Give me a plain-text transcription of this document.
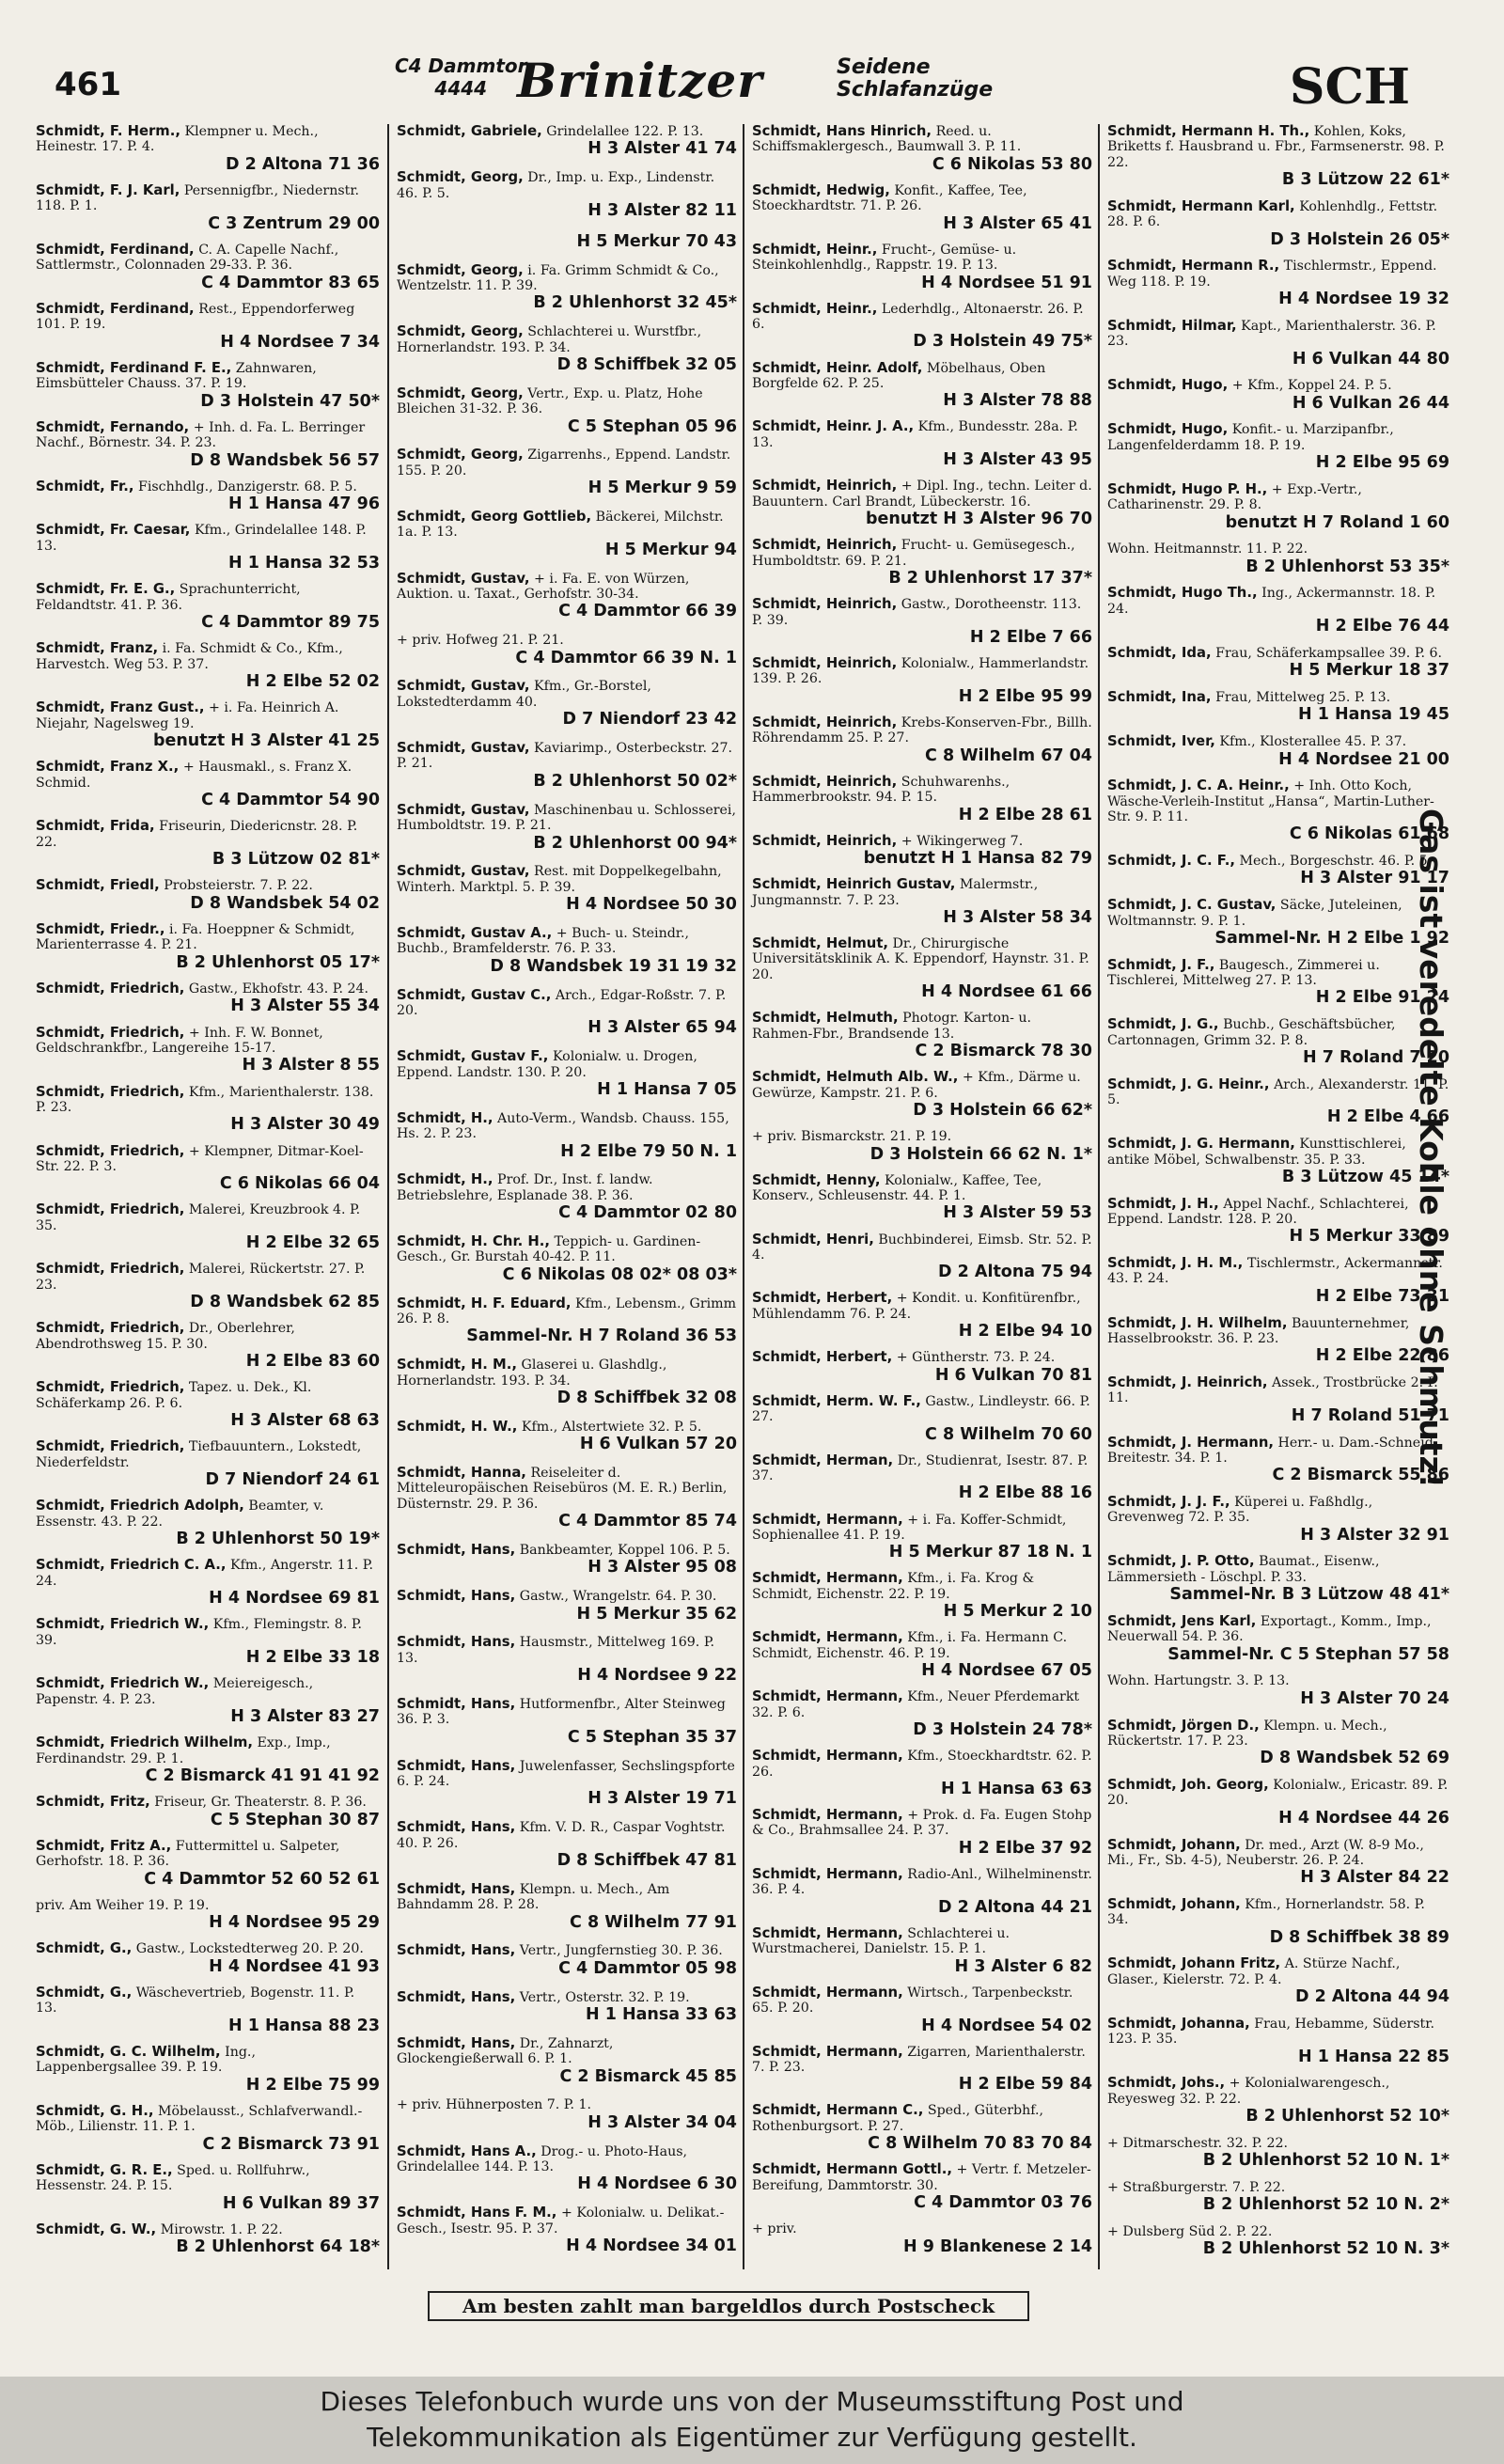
461	C4 Dammtor
4444 Brinitzer	Seidene
Schlafanzüge	SCH
Schmidt, F. Herm., Klempner u. Mech., Heinestr. 17. P. 4.
D 2 Altona 71 36
Schmidt, F. J. Karl, Persennigfbr., Niedernstr. 118. P. 1.
C 3 Zentrum 29 00
Schmidt, Ferdinand, C. A. Capelle Nachf., Sattlermstr., Colonnaden 29-33. P. 36.
C 4 Dammtor 83 65
Schmidt, Ferdinand, Rest., Eppendorferweg 101. P. 19.
H 4 Nordsee 7 34
Schmidt, Ferdinand F. E., Zahnwaren, Eimsbütteler Chauss. 37. P. 19.
D 3 Holstein 47 50*
Schmidt, Fernando, + Inh. d. Fa. L. Berringer Nachf., Börnestr. 34. P. 23.
D 8 Wandsbek 56 57
Schmidt, Fr., Fischhdlg., Danzigerstr. 68. P. 5.
H 1 Hansa 47 96
Schmidt, Fr. Caesar, Kfm., Grindelallee 148. P. 13.
H 1 Hansa 32 53
Schmidt, Fr. E. G., Sprachunterricht, Feldandtstr. 41. P. 36.
C 4 Dammtor 89 75
Schmidt, Franz, i. Fa. Schmidt & Co., Kfm., Harvestch. Weg 53. P. 37.
H 2 Elbe 52 02
Schmidt, Franz Gust., + i. Fa. Heinrich A. Niejahr, Nagelsweg 19.
benutzt H 3 Alster 41 25
Schmidt, Franz X., + Hausmakl., s. Franz X. Schmid.
C 4 Dammtor 54 90
Schmidt, Frida, Friseurin, Diedericnstr. 28. P. 22.
B 3 Lützow 02 81*
Schmidt, Friedl, Probsteierstr. 7. P. 22.
D 8 Wandsbek 54 02
Schmidt, Friedr., i. Fa. Hoeppner & Schmidt, Marienterrasse 4. P. 21.
B 2 Uhlenhorst 05 17*
Schmidt, Friedrich, Gastw., Ekhofstr. 43. P. 24.
H 3 Alster 55 34
Schmidt, Friedrich, + Inh. F. W. Bonnet, Geldschrankfbr., Langereihe 15-17.
H 3 Alster 8 55
Schmidt, Friedrich, Kfm., Marienthalerstr. 138. P. 23.
H 3 Alster 30 49
Schmidt, Friedrich, + Klempner, Ditmar-Koel-Str. 22. P. 3.
C 6 Nikolas 66 04
Schmidt, Friedrich, Malerei, Kreuzbrook 4. P. 35.
H 2 Elbe 32 65
Schmidt, Friedrich, Malerei, Rückertstr. 27. P. 23.
D 8 Wandsbek 62 85
Schmidt, Friedrich, Dr., Oberlehrer, Abendrothsweg 15. P. 30.
H 2 Elbe 83 60
Schmidt, Friedrich, Tapez. u. Dek., Kl. Schäferkamp 26. P. 6.
H 3 Alster 68 63
Schmidt, Friedrich, Tiefbauuntern., Lokstedt, Niederfeldstr.
D 7 Niendorf 24 61
Schmidt, Friedrich Adolph, Beamter, v. Essenstr. 43. P. 22.
B 2 Uhlenhorst 50 19*
Schmidt, Friedrich C. A., Kfm., Angerstr. 11. P. 24.
H 4 Nordsee 69 81
Schmidt, Friedrich W., Kfm., Flemingstr. 8. P. 39.
H 2 Elbe 33 18
Schmidt, Friedrich W., Meiereigesch., Papenstr. 4. P. 23.
H 3 Alster 83 27
Schmidt, Friedrich Wilhelm, Exp., Imp., Ferdinandstr. 29. P. 1.
C 2 Bismarck 41 91 41 92
Schmidt, Fritz, Friseur, Gr. Theaterstr. 8. P. 36.
C 5 Stephan 30 87
Schmidt, Fritz A., Futtermittel u. Salpeter, Gerhofstr. 18. P. 36.
C 4 Dammtor 52 60 52 61
priv. Am Weiher 19. P. 19.
H 4 Nordsee 95 29
Schmidt, G., Gastw., Lockstedterweg 20. P. 20.
H 4 Nordsee 41 93
Schmidt, G., Wäschevertrieb, Bogenstr. 11. P. 13.
H 1 Hansa 88 23
Schmidt, G. C. Wilhelm, Ing., Lappenbergsallee 39. P. 19.
H 2 Elbe 75 99
Schmidt, G. H., Möbelausst., Schlafverwandl.-Möb., Lilienstr. 11. P. 1.
C 2 Bismarck 73 91
Schmidt, G. R. E., Sped. u. Rollfuhrw., Hessenstr. 24. P. 15.
H 6 Vulkan 89 37
Schmidt, G. W., Mirowstr. 1. P. 22.
B 2 Uhlenhorst 64 18*
Schmidt, Gabriele, Grindelallee 122. P. 13.
H 3 Alster 41 74
Schmidt, Georg, Dr., Imp. u. Exp., Lindenstr. 46. P. 5.
H 3 Alster 82 11
H 5 Merkur 70 43
Schmidt, Georg, i. Fa. Grimm Schmidt & Co., Wentzelstr. 11. P. 39.
B 2 Uhlenhorst 32 45*
Schmidt, Georg, Schlachterei u. Wurstfbr., Hornerlandstr. 193. P. 34.
D 8 Schiffbek 32 05
Schmidt, Georg, Vertr., Exp. u. Platz, Hohe Bleichen 31-32. P. 36.
C 5 Stephan 05 96
Schmidt, Georg, Zigarrenhs., Eppend. Landstr. 155. P. 20.
H 5 Merkur 9 59
Schmidt, Georg Gottlieb, Bäckerei, Milchstr. 1a. P. 13.
H 5 Merkur 94
Schmidt, Gustav, + i. Fa. E. von Würzen, Auktion. u. Taxat., Gerhofstr. 30-34.
C 4 Dammtor 66 39
+ priv. Hofweg 21. P. 21.
C 4 Dammtor 66 39 N. 1
Schmidt, Gustav, Kfm., Gr.-Borstel, Lokstedterdamm 40.
D 7 Niendorf 23 42
Schmidt, Gustav, Kaviarimp., Osterbeckstr. 27. P. 21.
B 2 Uhlenhorst 50 02*
Schmidt, Gustav, Maschinenbau u. Schlosserei, Humboldtstr. 19. P. 21.
B 2 Uhlenhorst 00 94*
Schmidt, Gustav, Rest. mit Doppelkegelbahn, Winterh. Marktpl. 5. P. 39.
H 4 Nordsee 50 30
Schmidt, Gustav A., + Buch- u. Steindr., Buchb., Bramfelderstr. 76. P. 33.
D 8 Wandsbek 19 31 19 32
Schmidt, Gustav C., Arch., Edgar-Roßstr. 7. P. 20.
H 3 Alster 65 94
Schmidt, Gustav F., Kolonialw. u. Drogen, Eppend. Landstr. 130. P. 20.
H 1 Hansa 7 05
Schmidt, H., Auto-Verm., Wandsb. Chauss. 155, Hs. 2. P. 23.
H 2 Elbe 79 50 N. 1
Schmidt, H., Prof. Dr., Inst. f. landw. Betriebslehre, Esplanade 38. P. 36.
C 4 Dammtor 02 80
Schmidt, H. Chr. H., Teppich- u. Gardinen-Gesch., Gr. Burstah 40-42. P. 11.
C 6 Nikolas 08 02* 08 03*
Schmidt, H. F. Eduard, Kfm., Lebensm., Grimm 26. P. 8.
Sammel-Nr. H 7 Roland 36 53
Schmidt, H. M., Glaserei u. Glashdlg., Hornerlandstr. 193. P. 34.
D 8 Schiffbek 32 08
Schmidt, H. W., Kfm., Alstertwiete 32. P. 5.
H 6 Vulkan 57 20
Schmidt, Hanna, Reiseleiter d. Mitteleuropäischen Reisebüros (M. E. R.) Berlin, Düsternstr. 29. P. 36.
C 4 Dammtor 85 74
Schmidt, Hans, Bankbeamter, Koppel 106. P. 5.
H 3 Alster 95 08
Schmidt, Hans, Gastw., Wrangelstr. 64. P. 30.
H 5 Merkur 35 62
Schmidt, Hans, Hausmstr., Mittelweg 169. P. 13.
H 4 Nordsee 9 22
Schmidt, Hans, Hutformenfbr., Alter Steinweg 36. P. 3.
C 5 Stephan 35 37
Schmidt, Hans, Juwelenfasser, Sechslingspforte 6. P. 24.
H 3 Alster 19 71
Schmidt, Hans, Kfm. V. D. R., Caspar Voghtstr. 40. P. 26.
D 8 Schiffbek 47 81
Schmidt, Hans, Klempn. u. Mech., Am Bahndamm 28. P. 28.
C 8 Wilhelm 77 91
Schmidt, Hans, Vertr., Jungfernstieg 30. P. 36.
C 4 Dammtor 05 98
Schmidt, Hans, Vertr., Osterstr. 32. P. 19.
H 1 Hansa 33 63
Schmidt, Hans, Dr., Zahnarzt, Glockengießerwall 6. P. 1.
C 2 Bismarck 45 85
+ priv. Hühnerposten 7. P. 1.
H 3 Alster 34 04
Schmidt, Hans A., Drog.- u. Photo-Haus, Grindelallee 144. P. 13.
H 4 Nordsee 6 30
Schmidt, Hans F. M., + Kolonialw. u. Delikat.-Gesch., Isestr. 95. P. 37.
H 4 Nordsee 34 01
Schmidt, Hans Hinrich, Reed. u. Schiffsmaklergesch., Baumwall 3. P. 11.
C 6 Nikolas 53 80
Schmidt, Hedwig, Konfit., Kaffee, Tee, Stoeckhardtstr. 71. P. 26.
H 3 Alster 65 41
Schmidt, Heinr., Frucht-, Gemüse- u. Steinkohlenhdlg., Rappstr. 19. P. 13.
H 4 Nordsee 51 91
Schmidt, Heinr., Lederhdlg., Altonaerstr. 26. P. 6.
D 3 Holstein 49 75*
Schmidt, Heinr. Adolf, Möbelhaus, Oben Borgfelde 62. P. 25.
H 3 Alster 78 88
Schmidt, Heinr. J. A., Kfm., Bundesstr. 28a. P. 13.
H 3 Alster 43 95
Schmidt, Heinrich, + Dipl. Ing., techn. Leiter d. Bauuntern. Carl Brandt, Lübeckerstr. 16.
benutzt H 3 Alster 96 70
Schmidt, Heinrich, Frucht- u. Gemüsegesch., Humboldtstr. 69. P. 21.
B 2 Uhlenhorst 17 37*
Schmidt, Heinrich, Gastw., Dorotheenstr. 113. P. 39.
H 2 Elbe 7 66
Schmidt, Heinrich, Kolonialw., Hammerlandstr. 139. P. 26.
H 2 Elbe 95 99
Schmidt, Heinrich, Krebs-Konserven-Fbr., Billh. Röhrendamm 25. P. 27.
C 8 Wilhelm 67 04
Schmidt, Heinrich, Schuhwarenhs., Hammerbrookstr. 94. P. 15.
H 2 Elbe 28 61
Schmidt, Heinrich, + Wikingerweg 7.
benutzt H 1 Hansa 82 79
Schmidt, Heinrich Gustav, Malermstr., Jungmannstr. 7. P. 23.
H 3 Alster 58 34
Schmidt, Helmut, Dr., Chirurgische Universitätsklinik A. K. Eppendorf, Haynstr. 31. P. 20.
H 4 Nordsee 61 66
Schmidt, Helmuth, Photogr. Karton- u. Rahmen-Fbr., Brandsende 13.
C 2 Bismarck 78 30
Schmidt, Helmuth Alb. W., + Kfm., Därme u. Gewürze, Kampstr. 21. P. 6.
D 3 Holstein 66 62*
+ priv. Bismarckstr. 21. P. 19.
D 3 Holstein 66 62 N. 1*
Schmidt, Henny, Kolonialw., Kaffee, Tee, Konserv., Schleusenstr. 44. P. 1.
H 3 Alster 59 53
Schmidt, Henri, Buchbinderei, Eimsb. Str. 52. P. 4.
D 2 Altona 75 94
Schmidt, Herbert, + Kondit. u. Konfitürenfbr., Mühlendamm 76. P. 24.
H 2 Elbe 94 10
Schmidt, Herbert, + Güntherstr. 73. P. 24.
H 6 Vulkan 70 81
Schmidt, Herm. W. F., Gastw., Lindleystr. 66. P. 27.
C 8 Wilhelm 70 60
Schmidt, Herman, Dr., Studienrat, Isestr. 87. P. 37.
H 2 Elbe 88 16
Schmidt, Hermann, + i. Fa. Koffer-Schmidt, Sophienallee 41. P. 19.
H 5 Merkur 87 18 N. 1
Schmidt, Hermann, Kfm., i. Fa. Krog & Schmidt, Eichenstr. 22. P. 19.
H 5 Merkur 2 10
Schmidt, Hermann, Kfm., i. Fa. Hermann C. Schmidt, Eichenstr. 46. P. 19.
H 4 Nordsee 67 05
Schmidt, Hermann, Kfm., Neuer Pferdemarkt 32. P. 6.
D 3 Holstein 24 78*
Schmidt, Hermann, Kfm., Stoeckhardtstr. 62. P. 26.
H 1 Hansa 63 63
Schmidt, Hermann, + Prok. d. Fa. Eugen Stohp & Co., Brahmsallee 24. P. 37.
H 2 Elbe 37 92
Schmidt, Hermann, Radio-Anl., Wilhelminenstr. 36. P. 4.
D 2 Altona 44 21
Schmidt, Hermann, Schlachterei u. Wurstmacherei, Danielstr. 15. P. 1.
H 3 Alster 6 82
Schmidt, Hermann, Wirtsch., Tarpenbeckstr. 65. P. 20.
H 4 Nordsee 54 02
Schmidt, Hermann, Zigarren, Marienthalerstr. 7. P. 23.
H 2 Elbe 59 84
Schmidt, Hermann C., Sped., Güterbhf., Rothenburgsort. P. 27.
C 8 Wilhelm 70 83 70 84
Schmidt, Hermann Gottl., + Vertr. f. Metzeler-Bereifung, Dammtorstr. 30.
C 4 Dammtor 03 76
+ priv.
H 9 Blankenese 2 14
Schmidt, Hermann H. Th., Kohlen, Koks, Briketts f. Hausbrand u. Fbr., Farmsenerstr. 98. P. 22.
B 3 Lützow 22 61*
Schmidt, Hermann Karl, Kohlenhdlg., Fettstr. 28. P. 6.
D 3 Holstein 26 05*
Schmidt, Hermann R., Tischlermstr., Eppend. Weg 118. P. 19.
H 4 Nordsee 19 32
Schmidt, Hilmar, Kapt., Marienthalerstr. 36. P. 23.
H 6 Vulkan 44 80
Schmidt, Hugo, + Kfm., Koppel 24. P. 5.
H 6 Vulkan 26 44
Schmidt, Hugo, Konfit.- u. Marzipanfbr., Langenfelderdamm 18. P. 19.
H 2 Elbe 95 69
Schmidt, Hugo P. H., + Exp.-Vertr., Catharinenstr. 29. P. 8.
benutzt H 7 Roland 1 60
Wohn. Heitmannstr. 11. P. 22.
B 2 Uhlenhorst 53 35*
Schmidt, Hugo Th., Ing., Ackermannstr. 18. P. 24.
H 2 Elbe 76 44
Schmidt, Ida, Frau, Schäferkampsallee 39. P. 6.
H 5 Merkur 18 37
Schmidt, Ina, Frau, Mittelweg 25. P. 13.
H 1 Hansa 19 45
Schmidt, Iver, Kfm., Klosterallee 45. P. 37.
H 4 Nordsee 21 00
Schmidt, J. C. A. Heinr., + Inh. Otto Koch, Wäsche-Verleih-Institut „Hansa“, Martin-Luther-Str. 9. P. 11.
C 6 Nikolas 61 68
Schmidt, J. C. F., Mech., Borgeschstr. 46. P. 5.
H 3 Alster 91 17
Schmidt, J. C. Gustav, Säcke, Juteleinen, Woltmannstr. 9. P. 1.
Sammel-Nr. H 2 Elbe 1 92
Schmidt, J. F., Baugesch., Zimmerei u. Tischlerei, Mittelweg 27. P. 13.
H 2 Elbe 91 24
Schmidt, J. G., Buchb., Geschäftsbücher, Cartonnagen, Grimm 32. P. 8.
H 7 Roland 7 20
Schmidt, J. G. Heinr., Arch., Alexanderstr. 11. P. 5.
H 2 Elbe 4 66
Schmidt, J. G. Hermann, Kunsttischlerei, antike Möbel, Schwalbenstr. 35. P. 33.
B 3 Lützow 45 14*
Schmidt, J. H., Appel Nachf., Schlachterei, Eppend. Landstr. 128. P. 20.
H 5 Merkur 33 89
Schmidt, J. H. M., Tischlermstr., Ackermannstr. 43. P. 24.
H 2 Elbe 73 31
Schmidt, J. H. Wilhelm, Bauunternehmer, Hasselbrookstr. 36. P. 23.
H 2 Elbe 22 86
Schmidt, J. Heinrich, Assek., Trostbrücke 2. P. 11.
H 7 Roland 51 71
Schmidt, J. Hermann, Herr.- u. Dam.-Schneid., Breitestr. 34. P. 1.
C 2 Bismarck 55 86
Schmidt, J. J. F., Küperei u. Faßhdlg., Grevenweg 72. P. 35.
H 3 Alster 32 91
Schmidt, J. P. Otto, Baumat., Eisenw., Lämmersieth - Löschpl. P. 33.
Sammel-Nr. B 3 Lützow 48 41*
Schmidt, Jens Karl, Exportagt., Komm., Imp., Neuerwall 54. P. 36.
Sammel-Nr. C 5 Stephan 57 58
Wohn. Hartungstr. 3. P. 13.
H 3 Alster 70 24
Schmidt, Jörgen D., Klempn. u. Mech., Rückertstr. 17. P. 23.
D 8 Wandsbek 52 69
Schmidt, Joh. Georg, Kolonialw., Ericastr. 89. P. 20.
H 4 Nordsee 44 26
Schmidt, Johann, Dr. med., Arzt (W. 8-9 Mo., Mi., Fr., Sb. 4-5), Neuberstr. 26. P. 24.
H 3 Alster 84 22
Schmidt, Johann, Kfm., Hornerlandstr. 58. P. 34.
D 8 Schiffbek 38 89
Schmidt, Johann Fritz, A. Stürze Nachf., Glaser., Kielerstr. 72. P. 4.
D 2 Altona 44 94
Schmidt, Johanna, Frau, Hebamme, Süderstr. 123. P. 35.
H 1 Hansa 22 85
Schmidt, Johs., + Kolonialwarengesch., Reyesweg 32. P. 22.
B 2 Uhlenhorst 52 10*
+ Ditmarschestr. 32. P. 22.
B 2 Uhlenhorst 52 10 N. 1*
+ Straßburgerstr. 7. P. 22.
B 2 Uhlenhorst 52 10 N. 2*
+ Dulsberg Süd 2. P. 22.
B 2 Uhlenhorst 52 10 N. 3*
Gas ist veredelte Kohle ohne Schmutz!
Am besten zahlt man bargeldlos durch Postscheck
Dieses Telefonbuch wurde uns von der Museumsstiftung Post und
Telekommunikation als Eigentümer zur Verfügung gestellt.
